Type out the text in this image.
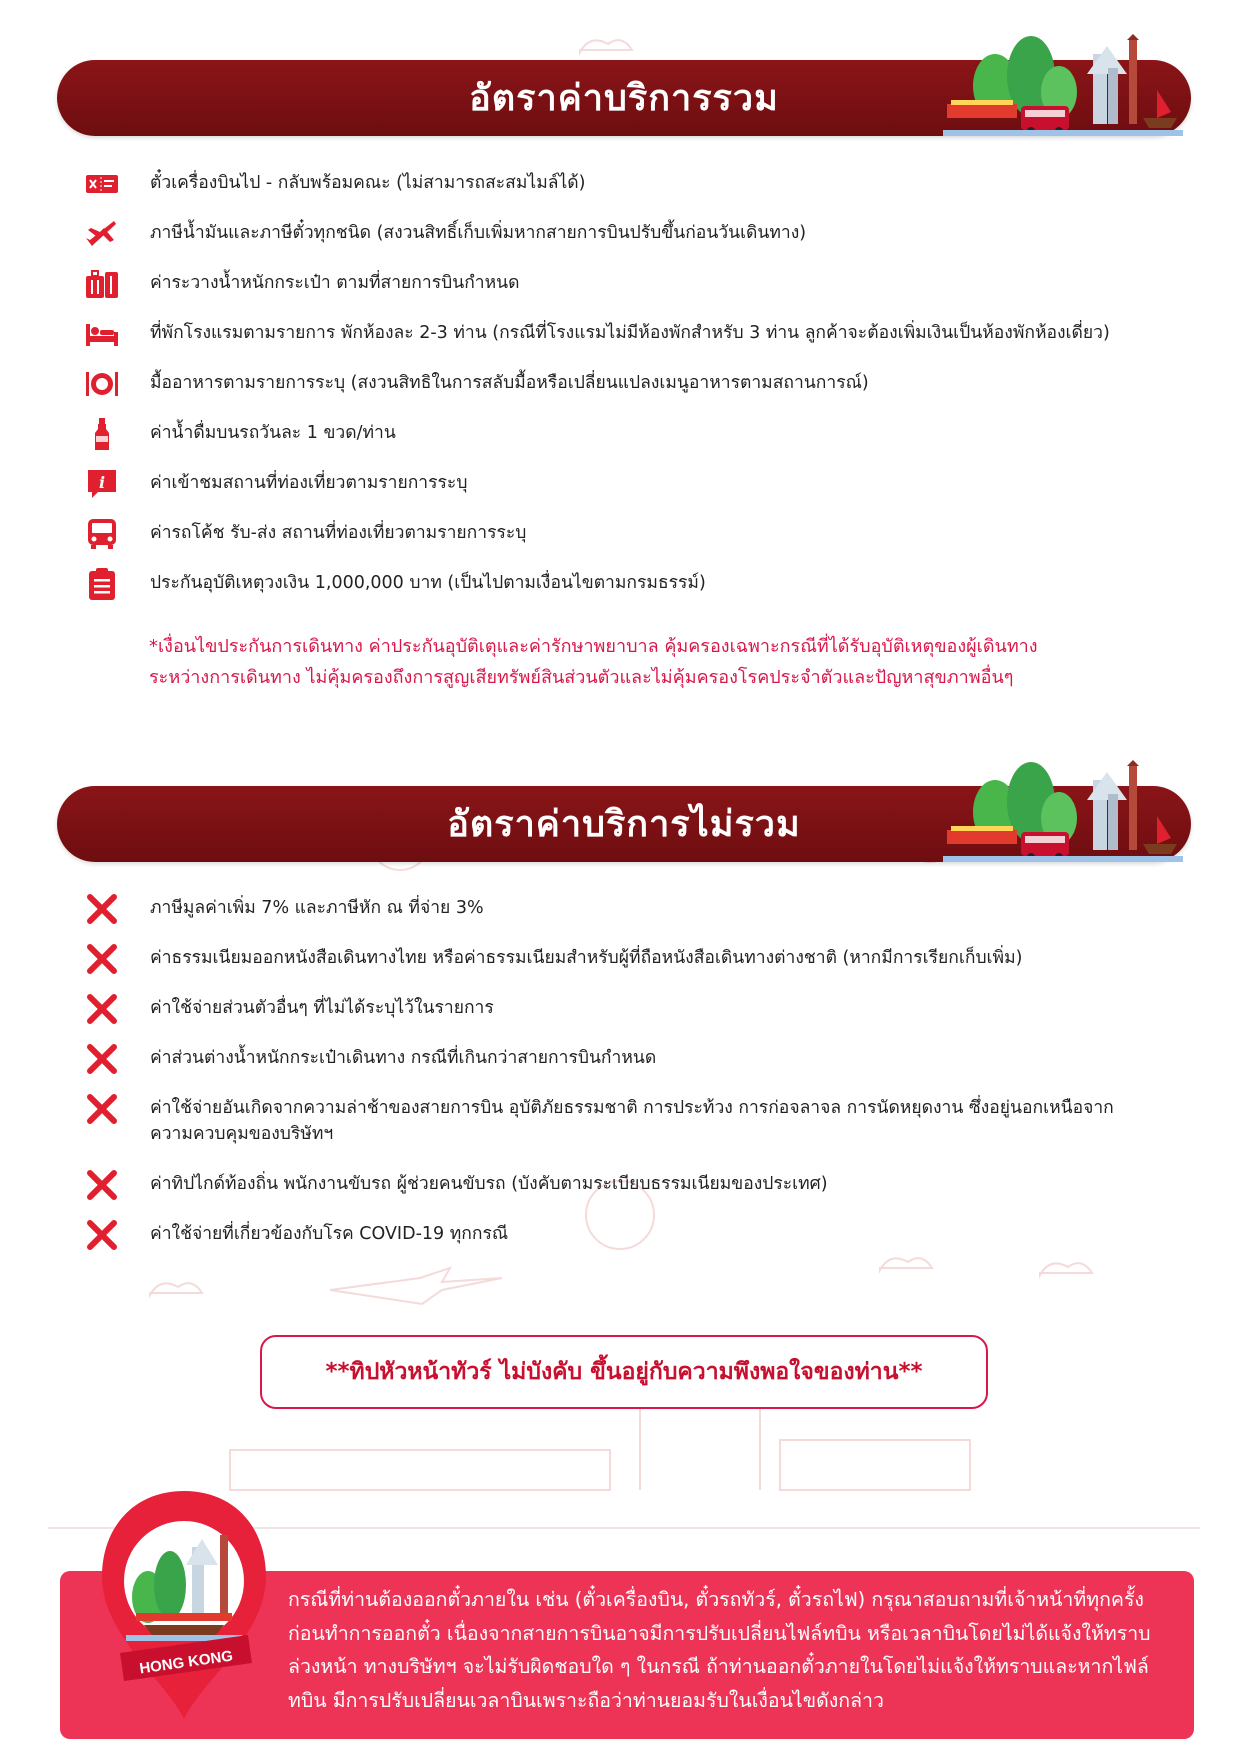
อัตราค่าบริการรวม
ตั๋วเครื่องบินไป - กลับพร้อมคณะ (ไม่สามารถสะสมไมล์ได้)
ภาษีน้ำมันและภาษีตั๋วทุกชนิด (สงวนสิทธิ์เก็บเพิ่มหากสายการบินปรับขึ้นก่อนวันเดินทาง)
ค่าระวางน้ำหนักกระเป๋า ตามที่สายการบินกำหนด
ที่พักโรงแรมตามรายการ พักห้องละ 2-3 ท่าน (กรณีที่โรงแรมไม่มีห้องพักสำหรับ 3 ท่าน ลูกค้าจะต้องเพิ่มเงินเป็นห้องพักห้องเดี่ยว)
มื้ออาหารตามรายการระบุ (สงวนสิทธิในการสลับมื้อหรือเปลี่ยนแปลงเมนูอาหารตามสถานการณ์)
ค่าน้ำดื่มบนรถวันละ 1 ขวด/ท่าน
i	ค่าเข้าชมสถานที่ท่องเที่ยวตามรายการระบุ
ค่ารถโค้ช รับ-ส่ง สถานที่ท่องเที่ยวตามรายการระบุ
ประกันอุบัติเหตุวงเงิน 1,000,000 บาท (เป็นไปตามเงื่อนไขตามกรมธรรม์)
*เงื่อนไขประกันการเดินทาง ค่าประกันอุบัติเตุและค่ารักษาพยาบาล คุ้มครองเฉพาะกรณีที่ได้รับอุบัติเหตุของผู้เดินทาง
ระหว่างการเดินทาง ไม่คุ้มครองถึงการสูญเสียทรัพย์สินส่วนตัวและไม่คุ้มครองโรคประจำตัวและปัญหาสุขภาพอื่นๆ
อัตราค่าบริการไม่รวม
ภาษีมูลค่าเพิ่ม 7% และภาษีหัก ณ ที่จ่าย 3%
ค่าธรรมเนียมออกหนังสือเดินทางไทย หรือค่าธรรมเนียมสำหรับผู้ที่ถือหนังสือเดินทางต่างชาติ (หากมีการเรียกเก็บเพิ่ม)
ค่าใช้จ่ายส่วนตัวอื่นๆ ที่ไม่ได้ระบุไว้ในรายการ
ค่าส่วนต่างน้ำหนักกระเป๋าเดินทาง กรณีที่เกินกว่าสายการบินกำหนด
ค่าใช้จ่ายอันเกิดจากความล่าช้าของสายการบิน อุบัติภัยธรรมชาติ การประท้วง การก่อจลาจล การนัดหยุดงาน ซึ่งอยู่นอกเหนือจาก ความควบคุมของบริษัทฯ
ค่าทิปไกด์ท้องถิ่น พนักงานขับรถ ผู้ช่วยคนขับรถ (บังคับตามระเบียบธรรมเนียมของประเทศ)
ค่าใช้จ่ายที่เกี่ยวข้องกับโรค COVID-19 ทุกกรณี
**ทิปหัวหน้าทัวร์ ไม่บังคับ ขึ้นอยู่กับความพึงพอใจของท่าน**
กรณีที่ท่านต้องออกตั๋วภายใน เช่น (ตั๋วเครื่องบิน, ตั๋วรถทัวร์, ตั๋วรถไฟ) กรุณาสอบถามที่เจ้าหน้าที่ทุกครั้ง ก่อนทำการออกตั๋ว เนื่องจากสายการบินอาจมีการปรับเปลี่ยนไฟล์ทบิน หรือเวลาบินโดยไม่ได้แจ้งให้ทราบ ล่วงหน้า ทางบริษัทฯ จะไม่รับผิดชอบใด ๆ ในกรณี ถ้าท่านออกตั๋วภายในโดยไม่แจ้งให้ทราบและหากไฟล์ทบิน มีการปรับเปลี่ยนเวลาบินเพราะถือว่าท่านยอมรับในเงื่อนไขดังกล่าว
HONG KONG
